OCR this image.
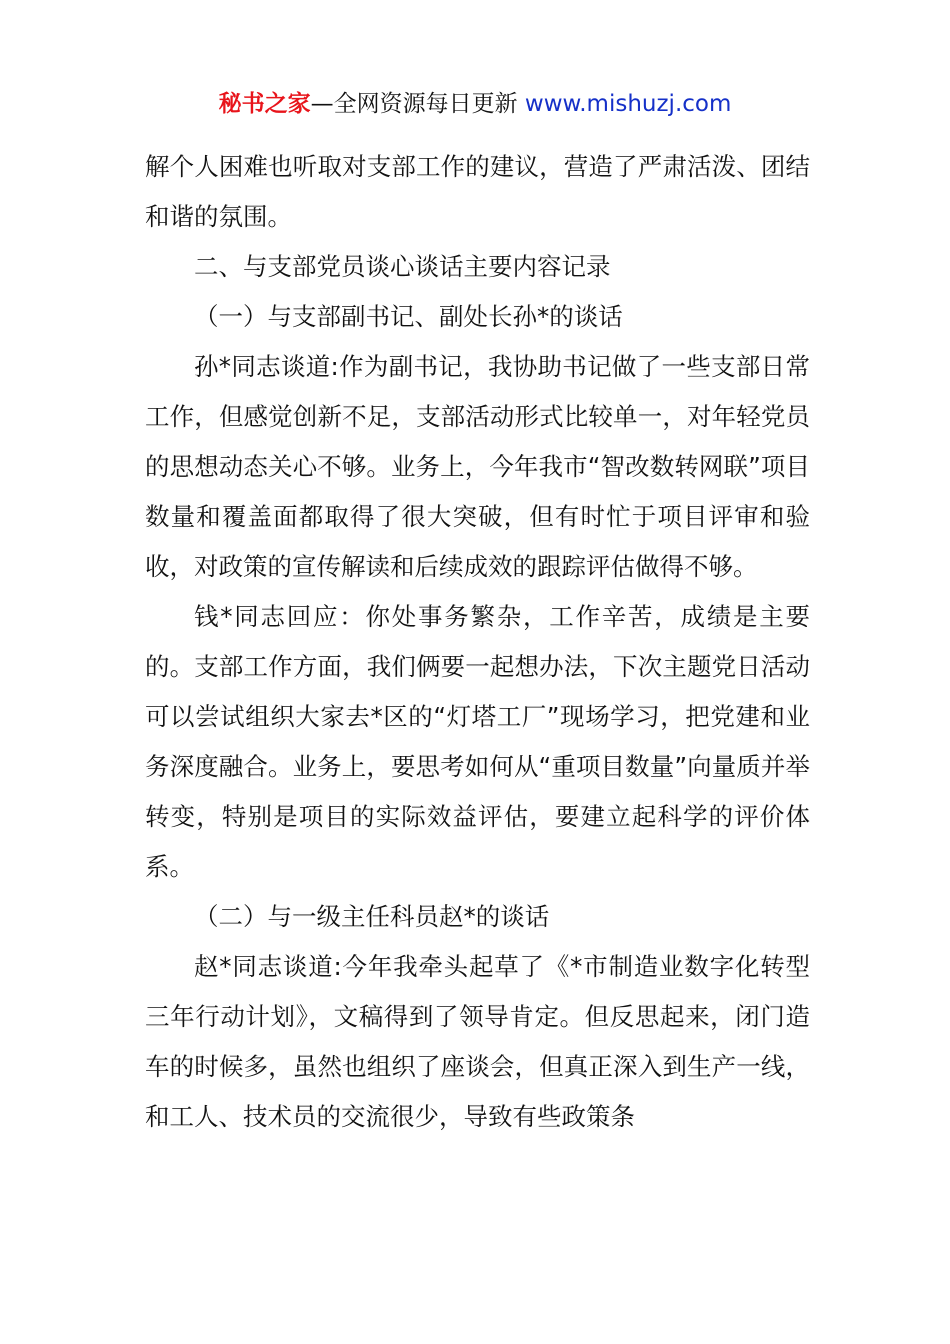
秘书之家—全网资源每日更新 www.mishuzj.com

解个人困难也听取对支部工作的建议，营造了严肃活泼、团结和谐的氛围。

二、与支部党员谈心谈话主要内容记录

（一）与支部副书记、副处长孙*的谈话

孙*同志谈道:作为副书记，我协助书记做了一些支部日常工作，但感觉创新不足，支部活动形式比较单一，对年轻党员的思想动态关心不够。业务上，今年我市“智改数转网联”项目数量和覆盖面都取得了很大突破，但有时忙于项目评审和验收，对政策的宣传解读和后续成效的跟踪评估做得不够。

钱*同志回应：你处事务繁杂，工作辛苦，成绩是主要的。支部工作方面，我们俩要一起想办法，下次主题党日活动可以尝试组织大家去*区的“灯塔工厂”现场学习，把党建和业务深度融合。业务上，要思考如何从“重项目数量”向量质并举转变，特别是项目的实际效益评估，要建立起科学的评价体系。

（二）与一级主任科员赵*的谈话

赵*同志谈道:今年我牵头起草了《*市制造业数字化转型三年行动计划》，文稿得到了领导肯定。但反思起来，闭门造车的时候多，虽然也组织了座谈会，但真正深入到生产一线，和工人、技术员的交流很少，导致有些政策条
